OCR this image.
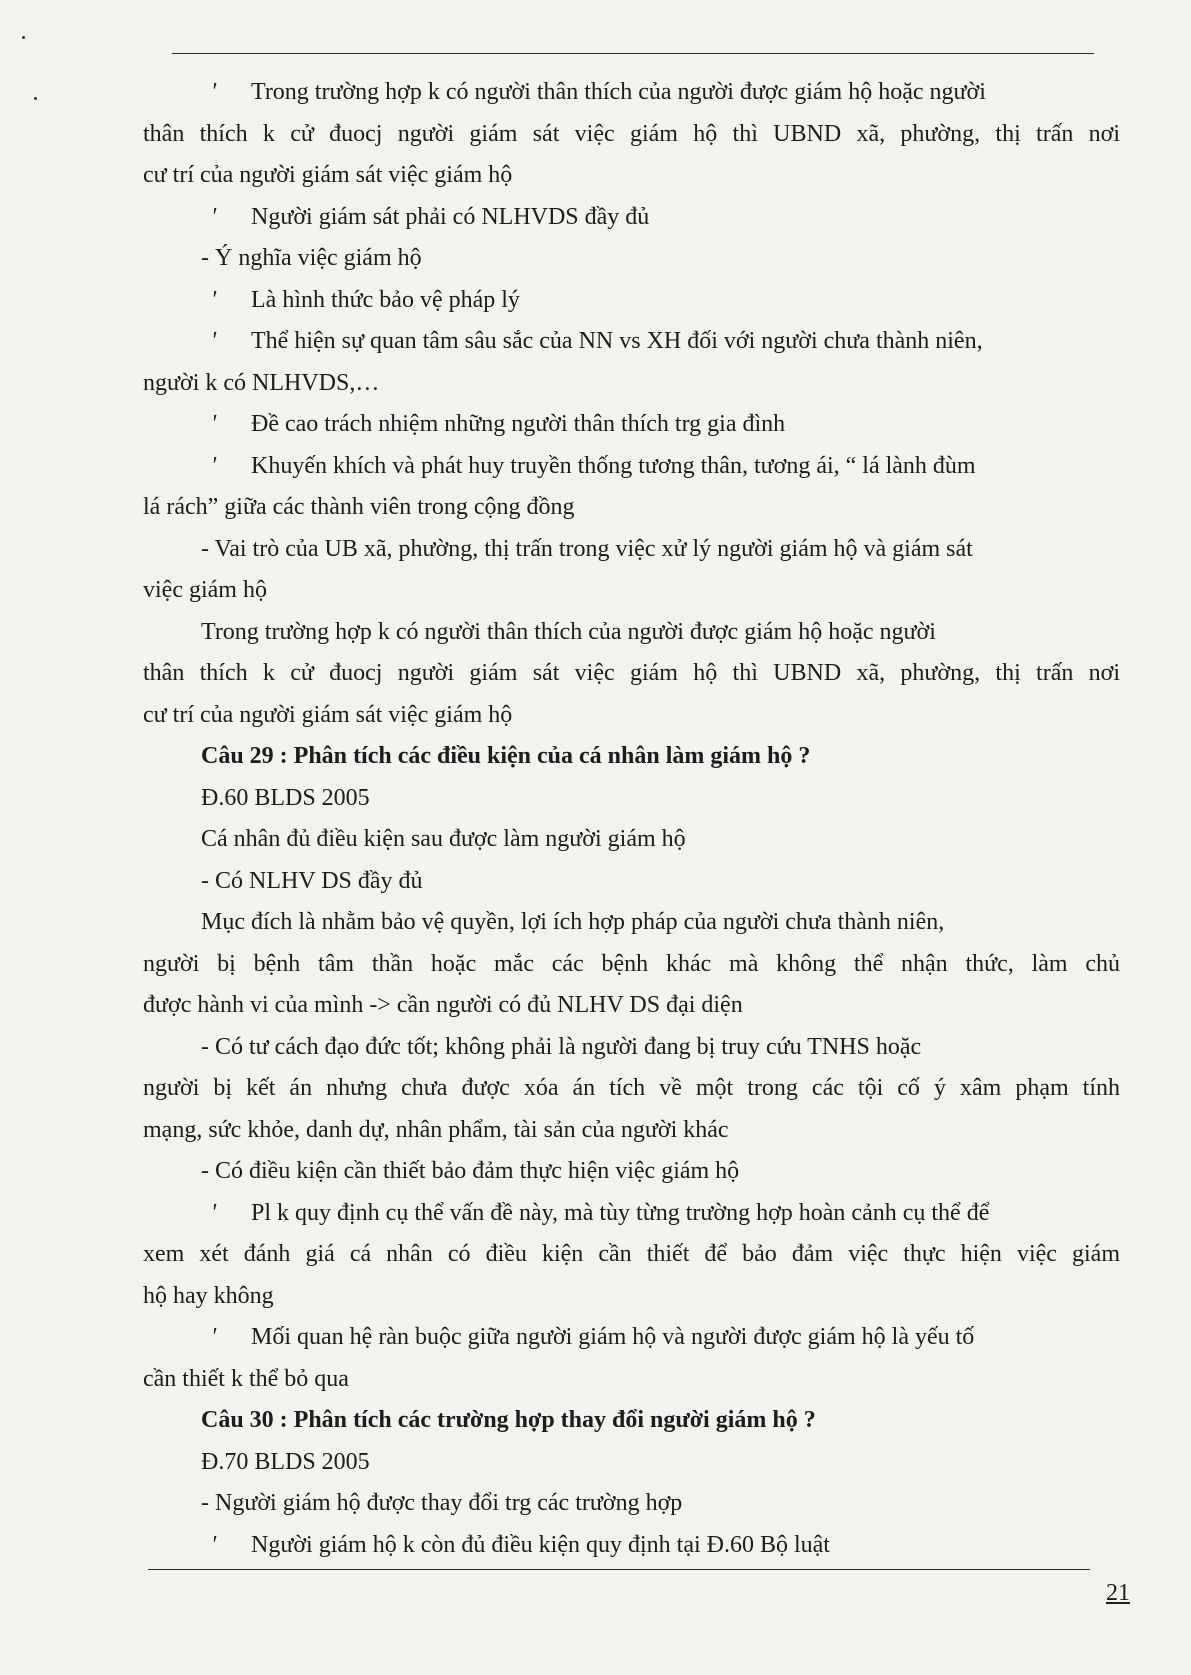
' Trong trường hợp k có người thân thích của người được giám hộ hoặc người
thân thích k cử đuocj người giám sát việc giám hộ thì UBND xã, phường, thị trấn nơi
cư trí của người giám sát việc giám hộ
' Người giám sát phải có NLHVDS đầy đủ
- Ý nghĩa việc giám hộ
' Là hình thức bảo vệ pháp lý
' Thể hiện sự quan tâm sâu sắc của NN vs XH đối với người chưa thành niên,
người k có NLHVDS,…
' Đề cao trách nhiệm những người thân thích trg gia đình
' Khuyến khích và phát huy truyền thống tương thân, tương ái, “ lá lành đùm
lá rách” giữa các thành viên trong cộng đồng
- Vai trò của UB xã, phường, thị trấn trong việc xử lý người giám hộ và giám sát
việc giám hộ
Trong trường hợp k có người thân thích của người được giám hộ hoặc người
thân thích k cử đuocj người giám sát việc giám hộ thì UBND xã, phường, thị trấn nơi
cư trí của người giám sát việc giám hộ
Câu 29 : Phân tích các điều kiện của cá nhân làm giám hộ ?
Đ.60 BLDS 2005
Cá nhân đủ điều kiện sau được làm người giám hộ
- Có NLHV DS đầy đủ
Mục đích là nhằm bảo vệ quyền, lợi ích hợp pháp của người chưa thành niên,
người bị bệnh tâm thần hoặc mắc các bệnh khác mà không thể nhận thức, làm chủ
được hành vi của mình -> cần người có đủ NLHV DS đại diện
- Có tư cách đạo đức tốt; không phải là người đang bị truy cứu TNHS hoặc
người bị kết án nhưng chưa được xóa án tích về một trong các tội cố ý xâm phạm tính
mạng, sức khỏe, danh dự, nhân phẩm, tài sản của người khác
- Có điều kiện cần thiết bảo đảm thực hiện việc giám hộ
' Pl k quy định cụ thể vấn đề này, mà tùy từng trường hợp hoàn cảnh cụ thể để
xem xét đánh giá cá nhân có điều kiện cần thiết để bảo đảm việc thực hiện việc giám
hộ hay không
' Mối quan hệ ràn buộc giữa người giám hộ và người được giám hộ là yếu tố
cần thiết k thể bỏ qua
Câu 30 : Phân tích các trường hợp thay đổi người giám hộ ?
Đ.70 BLDS 2005
- Người giám hộ được thay đổi trg các trường hợp
' Người giám hộ k còn đủ điều kiện quy định tại Đ.60 Bộ luật
21
